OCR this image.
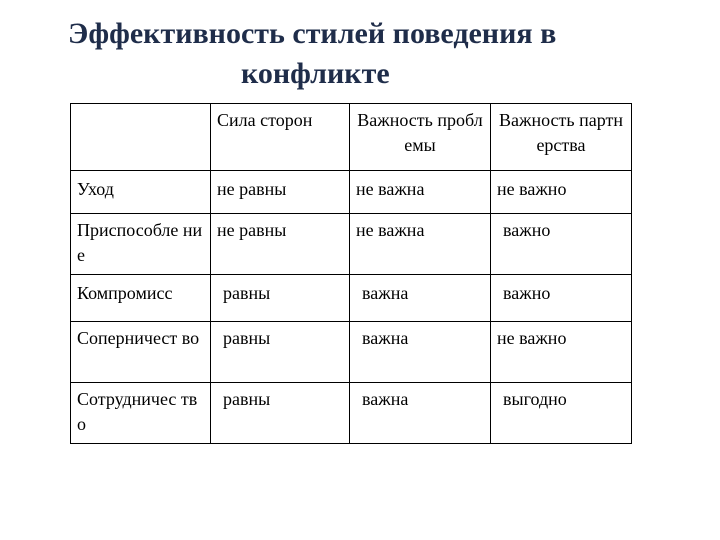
Эффективность стилей поведения в
конфликте
	Сила сторон	Важность проблемы	Важность партнерства
Уход	не равны	не важна	не важно
Приспособле ние	не равны	не важна	важно
Компромисс	равны	важна	важно
Соперничест во	равны	важна	не важно
Сотрудничес тво	равны	важна	выгодно
